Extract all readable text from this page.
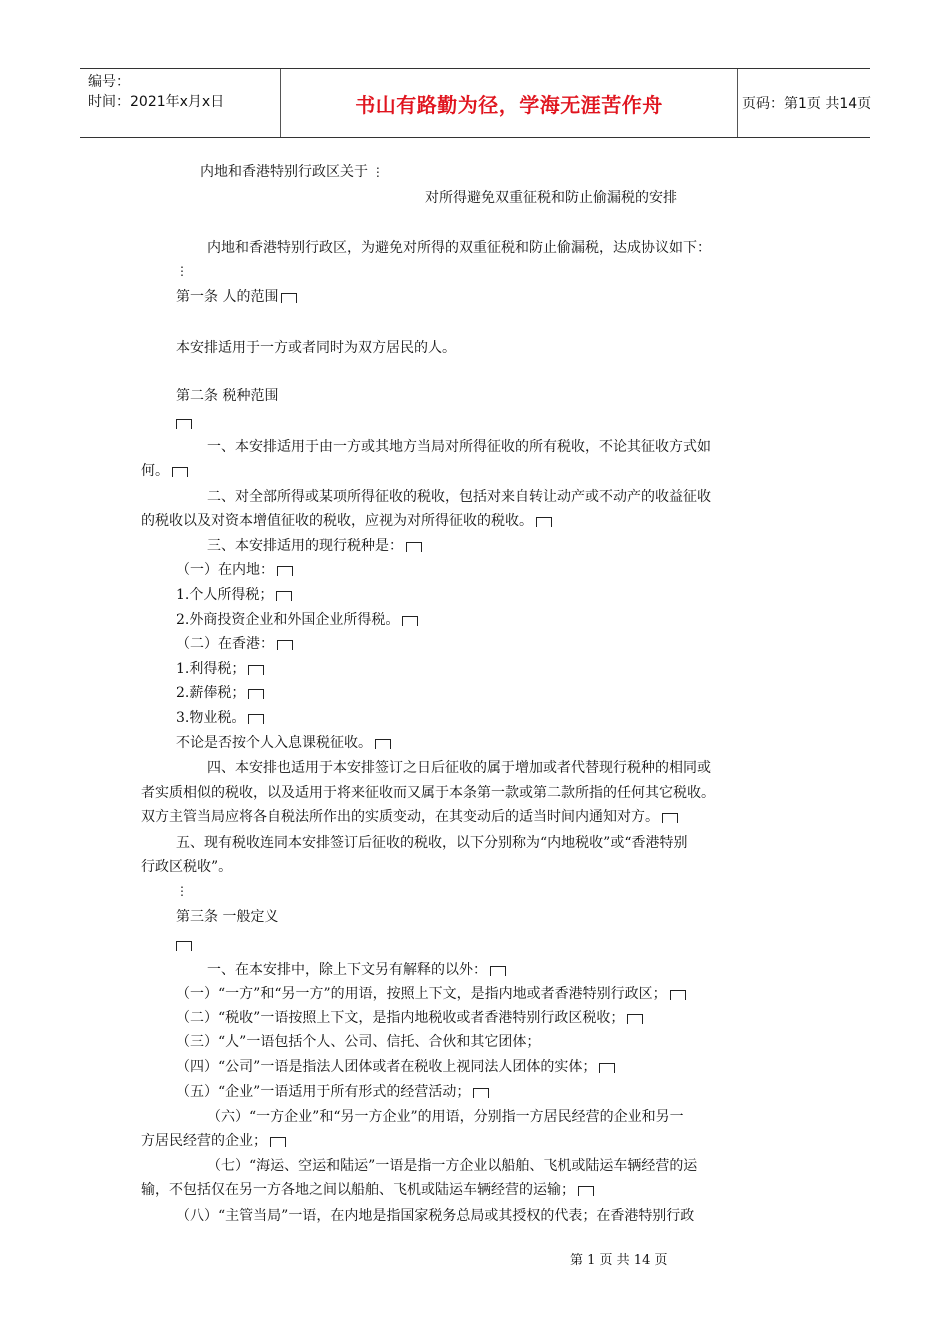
编号：
时间：2021年x月x日	书山有路勤为径，学海无涯苦作舟	页码：第1页 共14页
内地和香港特别行政区关于 ⋮
对所得避免双重征税和防止偷漏税的安排
内地和香港特别行政区，为避免对所得的双重征税和防止偷漏税，达成协议如下：
⋮
第一条 人的范围
本安排适用于一方或者同时为双方居民的人。
第二条 税种范围
一、本安排适用于由一方或其地方当局对所得征收的所有税收，不论其征收方式如
何。
二、对全部所得或某项所得征收的税收，包括对来自转让动产或不动产的收益征收
的税收以及对资本增值征收的税收，应视为对所得征收的税收。
三、本安排适用的现行税种是：
（一）在内地：
1.个人所得税；
2.外商投资企业和外国企业所得税。
（二）在香港：
1.利得税；
2.薪俸税；
3.物业税。
不论是否按个人入息课税征收。
四、本安排也适用于本安排签订之日后征收的属于增加或者代替现行税种的相同或
者实质相似的税收，以及适用于将来征收而又属于本条第一款或第二款所指的任何其它税收。
双方主管当局应将各自税法所作出的实质变动，在其变动后的适当时间内通知对方。
五、现有税收连同本安排签订后征收的税收，以下分别称为“内地税收”或“香港特别
行政区税收”。
⋮
第三条 一般定义
一、在本安排中，除上下文另有解释的以外：
（一）“一方”和“另一方”的用语，按照上下文，是指内地或者香港特别行政区；
（二）“税收”一语按照上下文，是指内地税收或者香港特别行政区税收；
（三）“人”一语包括个人、公司、信托、合伙和其它团体；
（四）“公司”一语是指法人团体或者在税收上视同法人团体的实体；
（五）“企业”一语适用于所有形式的经营活动；
（六）“一方企业”和“另一方企业”的用语，分别指一方居民经营的企业和另一
方居民经营的企业；
（七）“海运、空运和陆运”一语是指一方企业以船舶、飞机或陆运车辆经营的运
输，不包括仅在另一方各地之间以船舶、飞机或陆运车辆经营的运输；
（八）“主管当局”一语，在内地是指国家税务总局或其授权的代表；在香港特别行政
第 1 页 共 14 页
